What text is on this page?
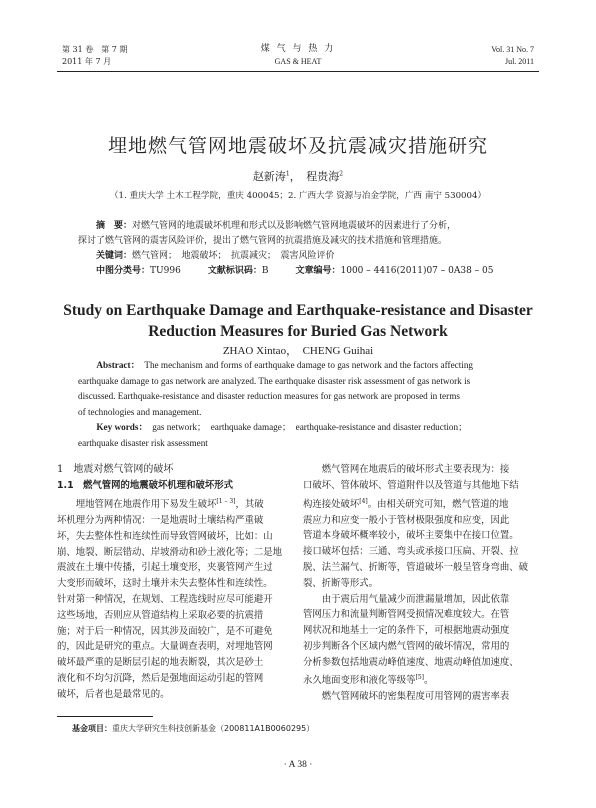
第 31 卷　第 7 期
2011 年 7 月
煤 气 与 热 力
GAS & HEAT
Vol. 31 No. 7
Jul. 2011
埋地燃气管网地震破坏及抗震减灾措施研究
赵新涛$^1$，　 程贵海$^2$
（1. 重庆大学 土木工程学院，重庆 400045；2. 广西大学 资源与冶金学院，广西 南宁 530004）
　　摘　要：对燃气管网的地震破坏机理和形式以及影响燃气管网地震破坏的因素进行了分析，
探讨了燃气管网的震害风险评价，提出了燃气管网的抗震措施及减灾的技术措施和管理措施。
　　关键词：燃气管网；　地震破坏；　抗震减灾；　震害风险评价
　　中图分类号：TU996　　　	文献标识码：B　　　	文章编号：1000 – 4416(2011)07 – 0A38 – 05
Study on Earthquake Damage and Earthquake-resistance and Disaster
Reduction Measures for Buried Gas Network
ZHAO Xintao，　CHENG Guihai
　　Abstract：　 The mechanism and forms of earthquake damage to gas network and the factors affecting
earthquake damage to gas network are analyzed. The earthquake disaster risk assessment of gas network is
discussed. Earthquake-resistance and disaster reduction measures for gas network are proposed in terms
of technologies and management.
　　Key words：　 gas network；　earthquake damage；　earthquake-resistance and disaster reduction；
earthquake disaster risk assessment
1　地震对燃气管网的破坏
1.1　燃气管网的地震破坏机理和破坏形式
　　埋地管网在地震作用下易发生破坏[1 – 3]，其破
坏机理分为两种情况：一是地震时土壤结构严重破
坏，失去整体性和连续性而导致管网破坏，比如：山
崩、地裂、断层错动、岸坡滑动和砂土液化等；二是地
震波在土壤中传播，引起土壤变形，夹裹管网产生过
大变形而破坏，这时土壤并未失去整体性和连续性。
针对第一种情况，在规划、工程选线时应尽可能避开
这些场地，否则应从管道结构上采取必要的抗震措
施；对于后一种情况，因其涉及面较广，是不可避免
的，因此是研究的重点。大量调查表明，对埋地管网
破坏最严重的是断层引起的地表断裂，其次是砂土
液化和不均匀沉降，然后是强地面运动引起的管网
破坏，后者也是最常见的。
　　燃气管网在地震后的破坏形式主要表现为：接
口破坏、管体破坏、管道附件以及管道与其他地下结
构连接处破坏[4]。由相关研究可知，燃气管道的地
震应力和应变一般小于管材极限强度和应变，因此
管道本身破坏概率较小，破坏主要集中在接口位置。
接口破坏包括：三通、弯头或承接口压扁、开裂、拉
脱、法兰漏气、折断等，管道破坏一般呈管身弯曲、破
裂、折断等形式。
　　由于震后用气量减少而泄漏量增加，因此依靠
管网压力和流量判断管网受损情况难度较大。在管
网状况和地基土一定的条件下，可根据地震动强度
初步判断各个区域内燃气管网的破坏情况，常用的
分析参数包括地震动峰值速度、地震动峰值加速度、
永久地面变形和液化等级等[5]。
　　燃气管网破坏的密集程度可用管网的震害率表
基金项目：重庆大学研究生科技创新基金（200811A1B0060295）
· A 38 ·
